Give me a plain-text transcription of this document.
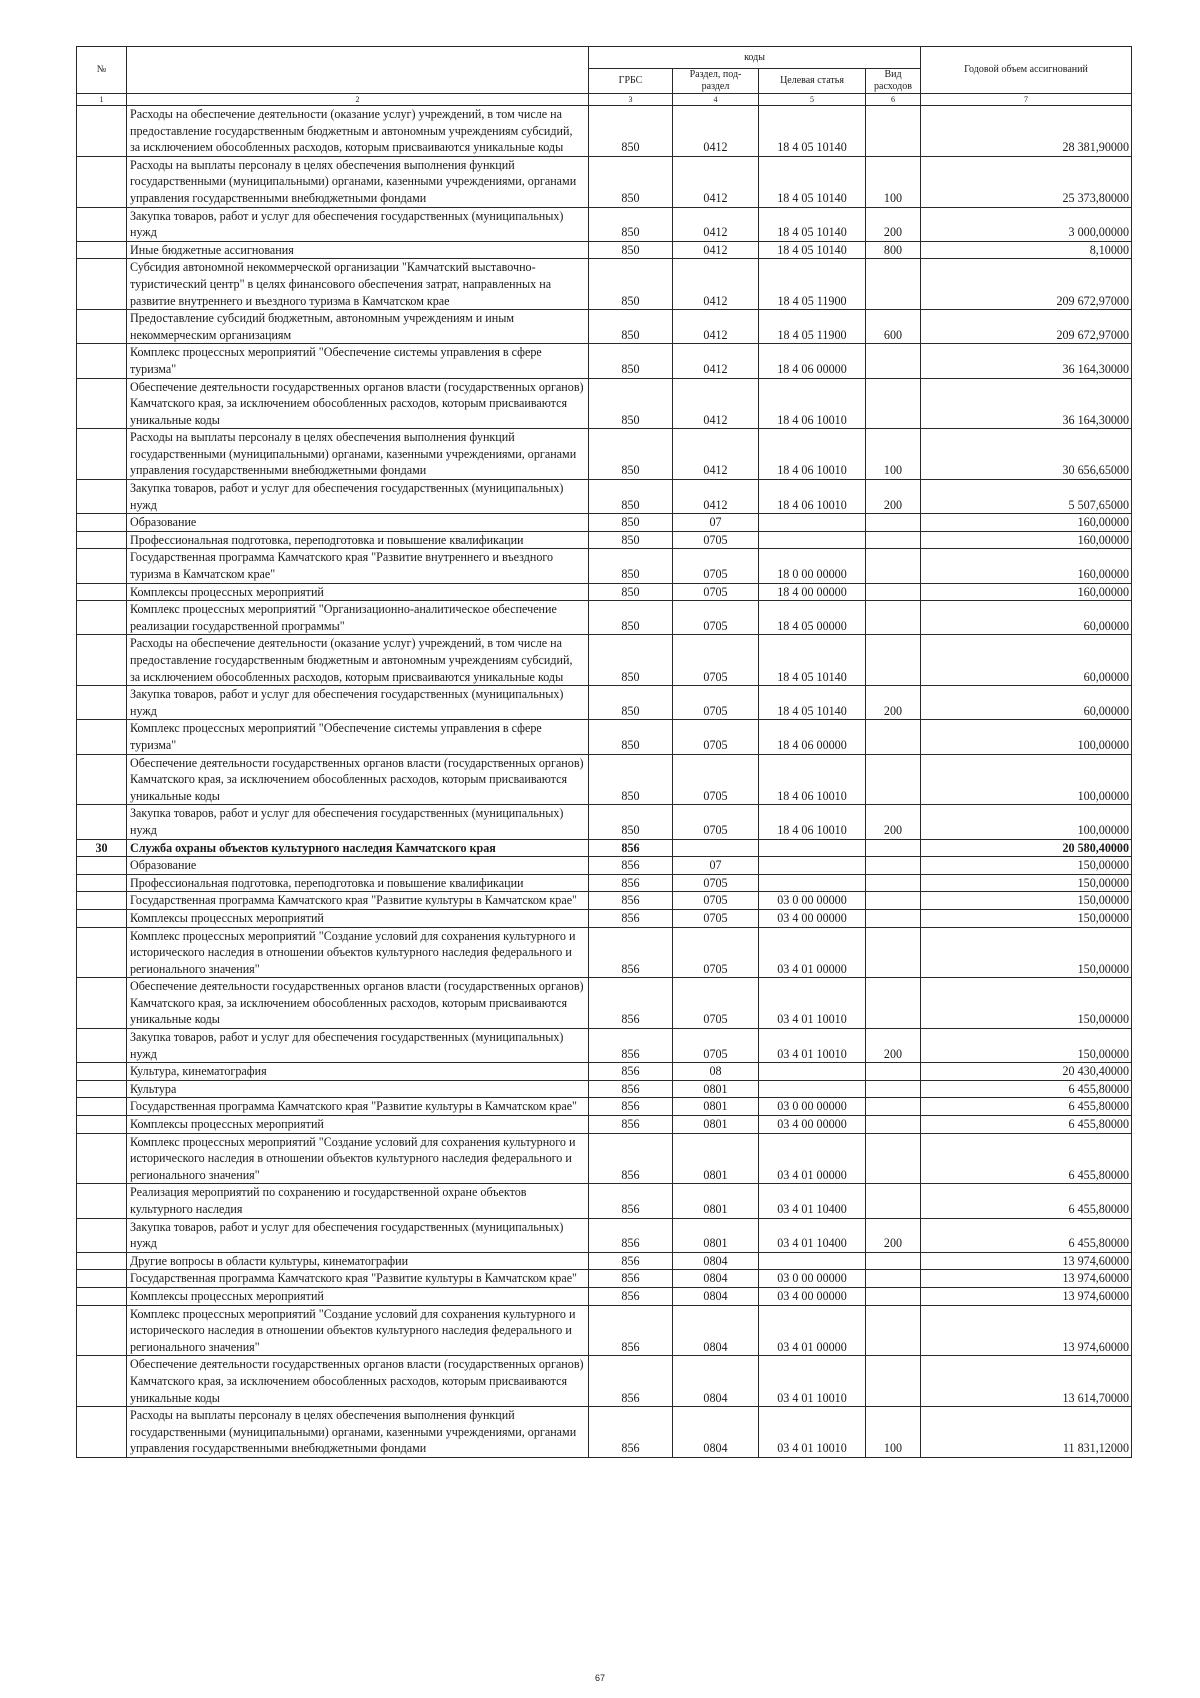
№		коды				Годовой объем ассигнований
		ГРБС	Раздел, под-
раздел	Целевая статья	Вид расходов	
1	2	3	4	5	6	7
	Расходы на обеспечение деятельности (оказание услуг) учреждений, в том числе на предоставление государственным бюджетным и автономным учреждениям субсидий, за исключением обособленных расходов, которым присваиваются уникальные коды	850	0412	18 4 05 10140		28 381,90000
	Расходы на выплаты персоналу в целях обеспечения выполнения функций государственными (муниципальными) органами, казенными учреждениями, органами управления государственными внебюджетными фондами	850	0412	18 4 05 10140	100	25 373,80000
	Закупка товаров, работ и услуг для обеспечения государственных (муниципальных) нужд	850	0412	18 4 05 10140	200	3 000,00000
	Иные бюджетные ассигнования	850	0412	18 4 05 10140	800	8,10000
	Субсидия автономной некоммерческой организации "Камчатский выставочно-туристический центр" в целях финансового обеспечения затрат, направленных на развитие внутреннего и въездного туризма в Камчатском крае	850	0412	18 4 05 11900		209 672,97000
	Предоставление субсидий бюджетным, автономным учреждениям и иным некоммерческим организациям	850	0412	18 4 05 11900	600	209 672,97000
	Комплекс процессных мероприятий "Обеспечение системы управления в сфере туризма"	850	0412	18 4 06 00000		36 164,30000
	Обеспечение деятельности государственных органов власти (государственных органов) Камчатского края, за исключением обособленных расходов, которым присваиваются уникальные коды	850	0412	18 4 06 10010		36 164,30000
	Расходы на выплаты персоналу в целях обеспечения выполнения функций государственными (муниципальными) органами, казенными учреждениями, органами управления государственными внебюджетными фондами	850	0412	18 4 06 10010	100	30 656,65000
	Закупка товаров, работ и услуг для обеспечения государственных (муниципальных) нужд	850	0412	18 4 06 10010	200	5 507,65000
	Образование	850	07			160,00000
	Профессиональная подготовка, переподготовка и повышение квалификации	850	0705			160,00000
	Государственная программа Камчатского края "Развитие внутреннего и въездного туризма в Камчатском крае"	850	0705	18 0 00 00000		160,00000
	Комплексы процессных мероприятий	850	0705	18 4 00 00000		160,00000
	Комплекс процессных мероприятий "Организационно-аналитическое обеспечение реализации государственной программы"	850	0705	18 4 05 00000		60,00000
	Расходы на обеспечение деятельности (оказание услуг) учреждений, в том числе на предоставление государственным бюджетным и автономным учреждениям субсидий, за исключением обособленных расходов, которым присваиваются уникальные коды	850	0705	18 4 05 10140		60,00000
	Закупка товаров, работ и услуг для обеспечения государственных (муниципальных) нужд	850	0705	18 4 05 10140	200	60,00000
	Комплекс процессных мероприятий "Обеспечение системы управления в сфере туризма"	850	0705	18 4 06 00000		100,00000
	Обеспечение деятельности государственных органов власти (государственных органов) Камчатского края, за исключением обособленных расходов, которым присваиваются уникальные коды	850	0705	18 4 06 10010		100,00000
	Закупка товаров, работ и услуг для обеспечения государственных (муниципальных) нужд	850	0705	18 4 06 10010	200	100,00000
30	Служба охраны объектов культурного наследия Камчатского края	856				20 580,40000
	Образование	856	07			150,00000
	Профессиональная подготовка, переподготовка и повышение квалификации	856	0705			150,00000
	Государственная программа Камчатского края "Развитие культуры в Камчатском крае"	856	0705	03 0 00 00000		150,00000
	Комплексы процессных мероприятий	856	0705	03 4 00 00000		150,00000
	Комплекс процессных мероприятий "Создание условий для сохранения культурного и исторического наследия в отношении объектов культурного наследия федерального и регионального значения"	856	0705	03 4 01 00000		150,00000
	Обеспечение деятельности государственных органов власти (государственных органов) Камчатского края, за исключением обособленных расходов, которым присваиваются уникальные коды	856	0705	03 4 01 10010		150,00000
	Закупка товаров, работ и услуг для обеспечения государственных (муниципальных) нужд	856	0705	03 4 01 10010	200	150,00000
	Культура, кинематография	856	08			20 430,40000
	Культура	856	0801			6 455,80000
	Государственная программа Камчатского края "Развитие культуры в Камчатском крае"	856	0801	03 0 00 00000		6 455,80000
	Комплексы процессных мероприятий	856	0801	03 4 00 00000		6 455,80000
	Комплекс процессных мероприятий "Создание условий для сохранения культурного и исторического наследия в отношении объектов культурного наследия федерального и регионального значения"	856	0801	03 4 01 00000		6 455,80000
	Реализация мероприятий по сохранению и государственной охране объектов культурного наследия	856	0801	03 4 01 10400		6 455,80000
	Закупка товаров, работ и услуг для обеспечения государственных (муниципальных) нужд	856	0801	03 4 01 10400	200	6 455,80000
	Другие вопросы в области культуры, кинематографии	856	0804			13 974,60000
	Государственная программа Камчатского края "Развитие культуры в Камчатском крае"	856	0804	03 0 00 00000		13 974,60000
	Комплексы процессных мероприятий	856	0804	03 4 00 00000		13 974,60000
	Комплекс процессных мероприятий "Создание условий для сохранения культурного и исторического наследия в отношении объектов культурного наследия федерального и регионального значения"	856	0804	03 4 01 00000		13 974,60000
	Обеспечение деятельности государственных органов власти (государственных органов) Камчатского края, за исключением обособленных расходов, которым присваиваются уникальные коды	856	0804	03 4 01 10010		13 614,70000
	Расходы на выплаты персоналу в целях обеспечения выполнения функций государственными (муниципальными) органами, казенными учреждениями, органами управления государственными внебюджетными фондами	856	0804	03 4 01 10010	100	11 831,12000
67
